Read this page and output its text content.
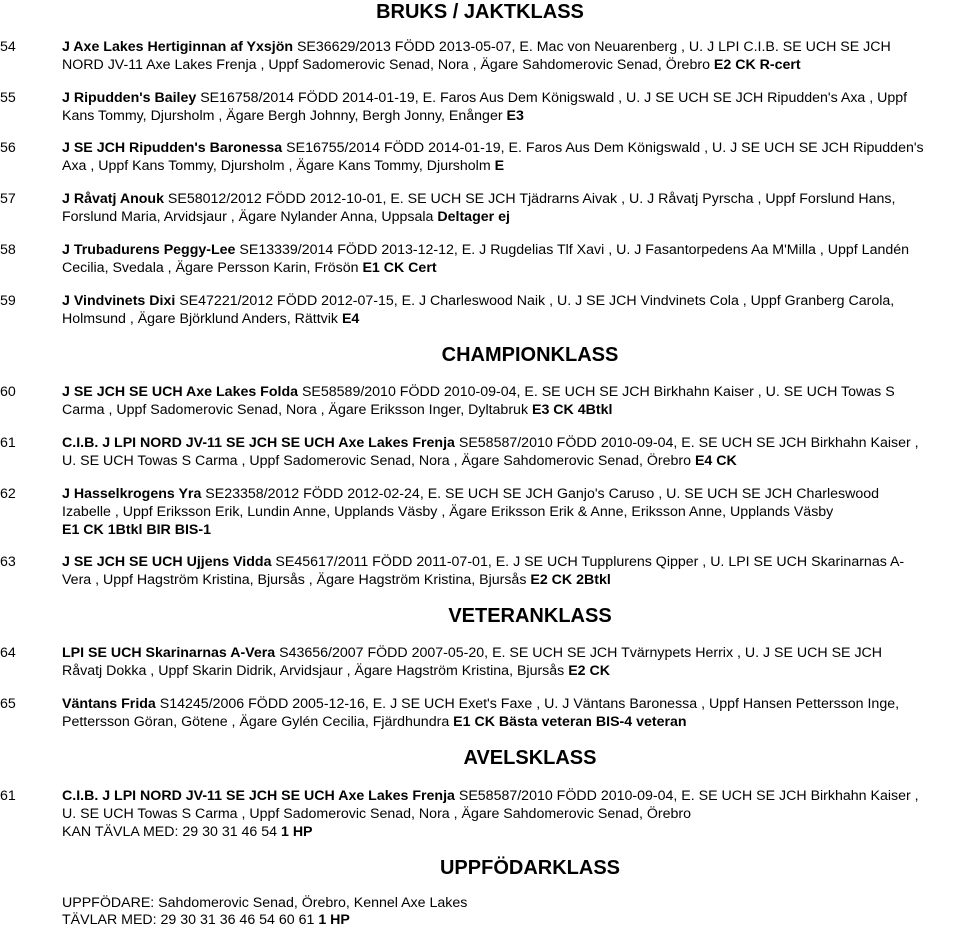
BRUKS / JAKTKLASS
54	J Axe Lakes Hertiginnan af Yxsjön SE36629/2013 FÖDD 2013-05-07, E. Mac von Neuarenberg , U. J LPI C.I.B. SE UCH SE JCH
NORD JV-11 Axe Lakes Frenja , Uppf Sadomerovic Senad, Nora , Ägare Sahdomerovic Senad, Örebro E2 CK R-cert
55	J Ripudden's Bailey SE16758/2014 FÖDD 2014-01-19, E. Faros Aus Dem Königswald , U. J SE UCH SE JCH Ripudden's Axa , Uppf
Kans Tommy, Djursholm , Ägare Bergh Johnny, Bergh Jonny, Enånger E3
56	J SE JCH Ripudden's Baronessa SE16755/2014 FÖDD 2014-01-19, E. Faros Aus Dem Königswald , U. J SE UCH SE JCH Ripudden's
Axa , Uppf Kans Tommy, Djursholm , Ägare Kans Tommy, Djursholm E
57	J Råvatj Anouk SE58012/2012 FÖDD 2012-10-01, E. SE UCH SE JCH Tjädrarns Aivak , U. J Råvatj Pyrscha , Uppf Forslund Hans,
Forslund Maria, Arvidsjaur , Ägare Nylander Anna, Uppsala Deltager ej
58	J Trubadurens Peggy-Lee SE13339/2014 FÖDD 2013-12-12, E. J Rugdelias Tlf Xavi , U. J Fasantorpedens Aa M'Milla , Uppf Landén
Cecilia, Svedala , Ägare Persson Karin, Frösön E1 CK Cert
59	J Vindvinets Dixi SE47221/2012 FÖDD 2012-07-15, E. J Charleswood Naik , U. J SE JCH Vindvinets Cola , Uppf Granberg Carola,
Holmsund , Ägare Björklund Anders, Rättvik E4
CHAMPIONKLASS
60	J SE JCH SE UCH Axe Lakes Folda SE58589/2010 FÖDD 2010-09-04, E. SE UCH SE JCH Birkhahn Kaiser , U. SE UCH Towas S
Carma , Uppf Sadomerovic Senad, Nora , Ägare Eriksson Inger, Dyltabruk E3 CK 4Btkl
61	C.I.B. J LPI NORD JV-11 SE JCH SE UCH Axe Lakes Frenja SE58587/2010 FÖDD 2010-09-04, E. SE UCH SE JCH Birkhahn Kaiser ,
U. SE UCH Towas S Carma , Uppf Sadomerovic Senad, Nora , Ägare Sahdomerovic Senad, Örebro E4 CK
62	J Hasselkrogens Yra SE23358/2012 FÖDD 2012-02-24, E. SE UCH SE JCH Ganjo's Caruso , U. SE UCH SE JCH Charleswood
Izabelle , Uppf Eriksson Erik, Lundin Anne, Upplands Väsby , Ägare Eriksson Erik & Anne, Eriksson Anne, Upplands Väsby
E1 CK 1Btkl BIR BIS-1
63	J SE JCH SE UCH Ujjens Vidda SE45617/2011 FÖDD 2011-07-01, E. J SE UCH Tupplurens Qipper , U. LPI SE UCH Skarinarnas A-
Vera , Uppf Hagström Kristina, Bjursås , Ägare Hagström Kristina, Bjursås E2 CK 2Btkl
VETERANKLASS
64	LPI SE UCH Skarinarnas A-Vera S43656/2007 FÖDD 2007-05-20, E. SE UCH SE JCH Tvärnypets Herrix , U. J SE UCH SE JCH
Råvatj Dokka , Uppf Skarin Didrik, Arvidsjaur , Ägare Hagström Kristina, Bjursås E2 CK
65	Väntans Frida S14245/2006 FÖDD 2005-12-16, E. J SE UCH Exet's Faxe , U. J Väntans Baronessa , Uppf Hansen Pettersson Inge,
Pettersson Göran, Götene , Ägare Gylén Cecilia, Fjärdhundra E1 CK Bästa veteran BIS-4 veteran
AVELSKLASS
61	C.I.B. J LPI NORD JV-11 SE JCH SE UCH Axe Lakes Frenja SE58587/2010 FÖDD 2010-09-04, E. SE UCH SE JCH Birkhahn Kaiser ,
U. SE UCH Towas S Carma , Uppf Sadomerovic Senad, Nora , Ägare Sahdomerovic Senad, Örebro
KAN TÄVLA MED: 29 30 31 46 54 1 HP
UPPFÖDARKLASS
UPPFÖDARE: Sahdomerovic Senad, Örebro, Kennel Axe Lakes
TÄVLAR MED: 29 30 31 36 46 54 60 61 1 HP
